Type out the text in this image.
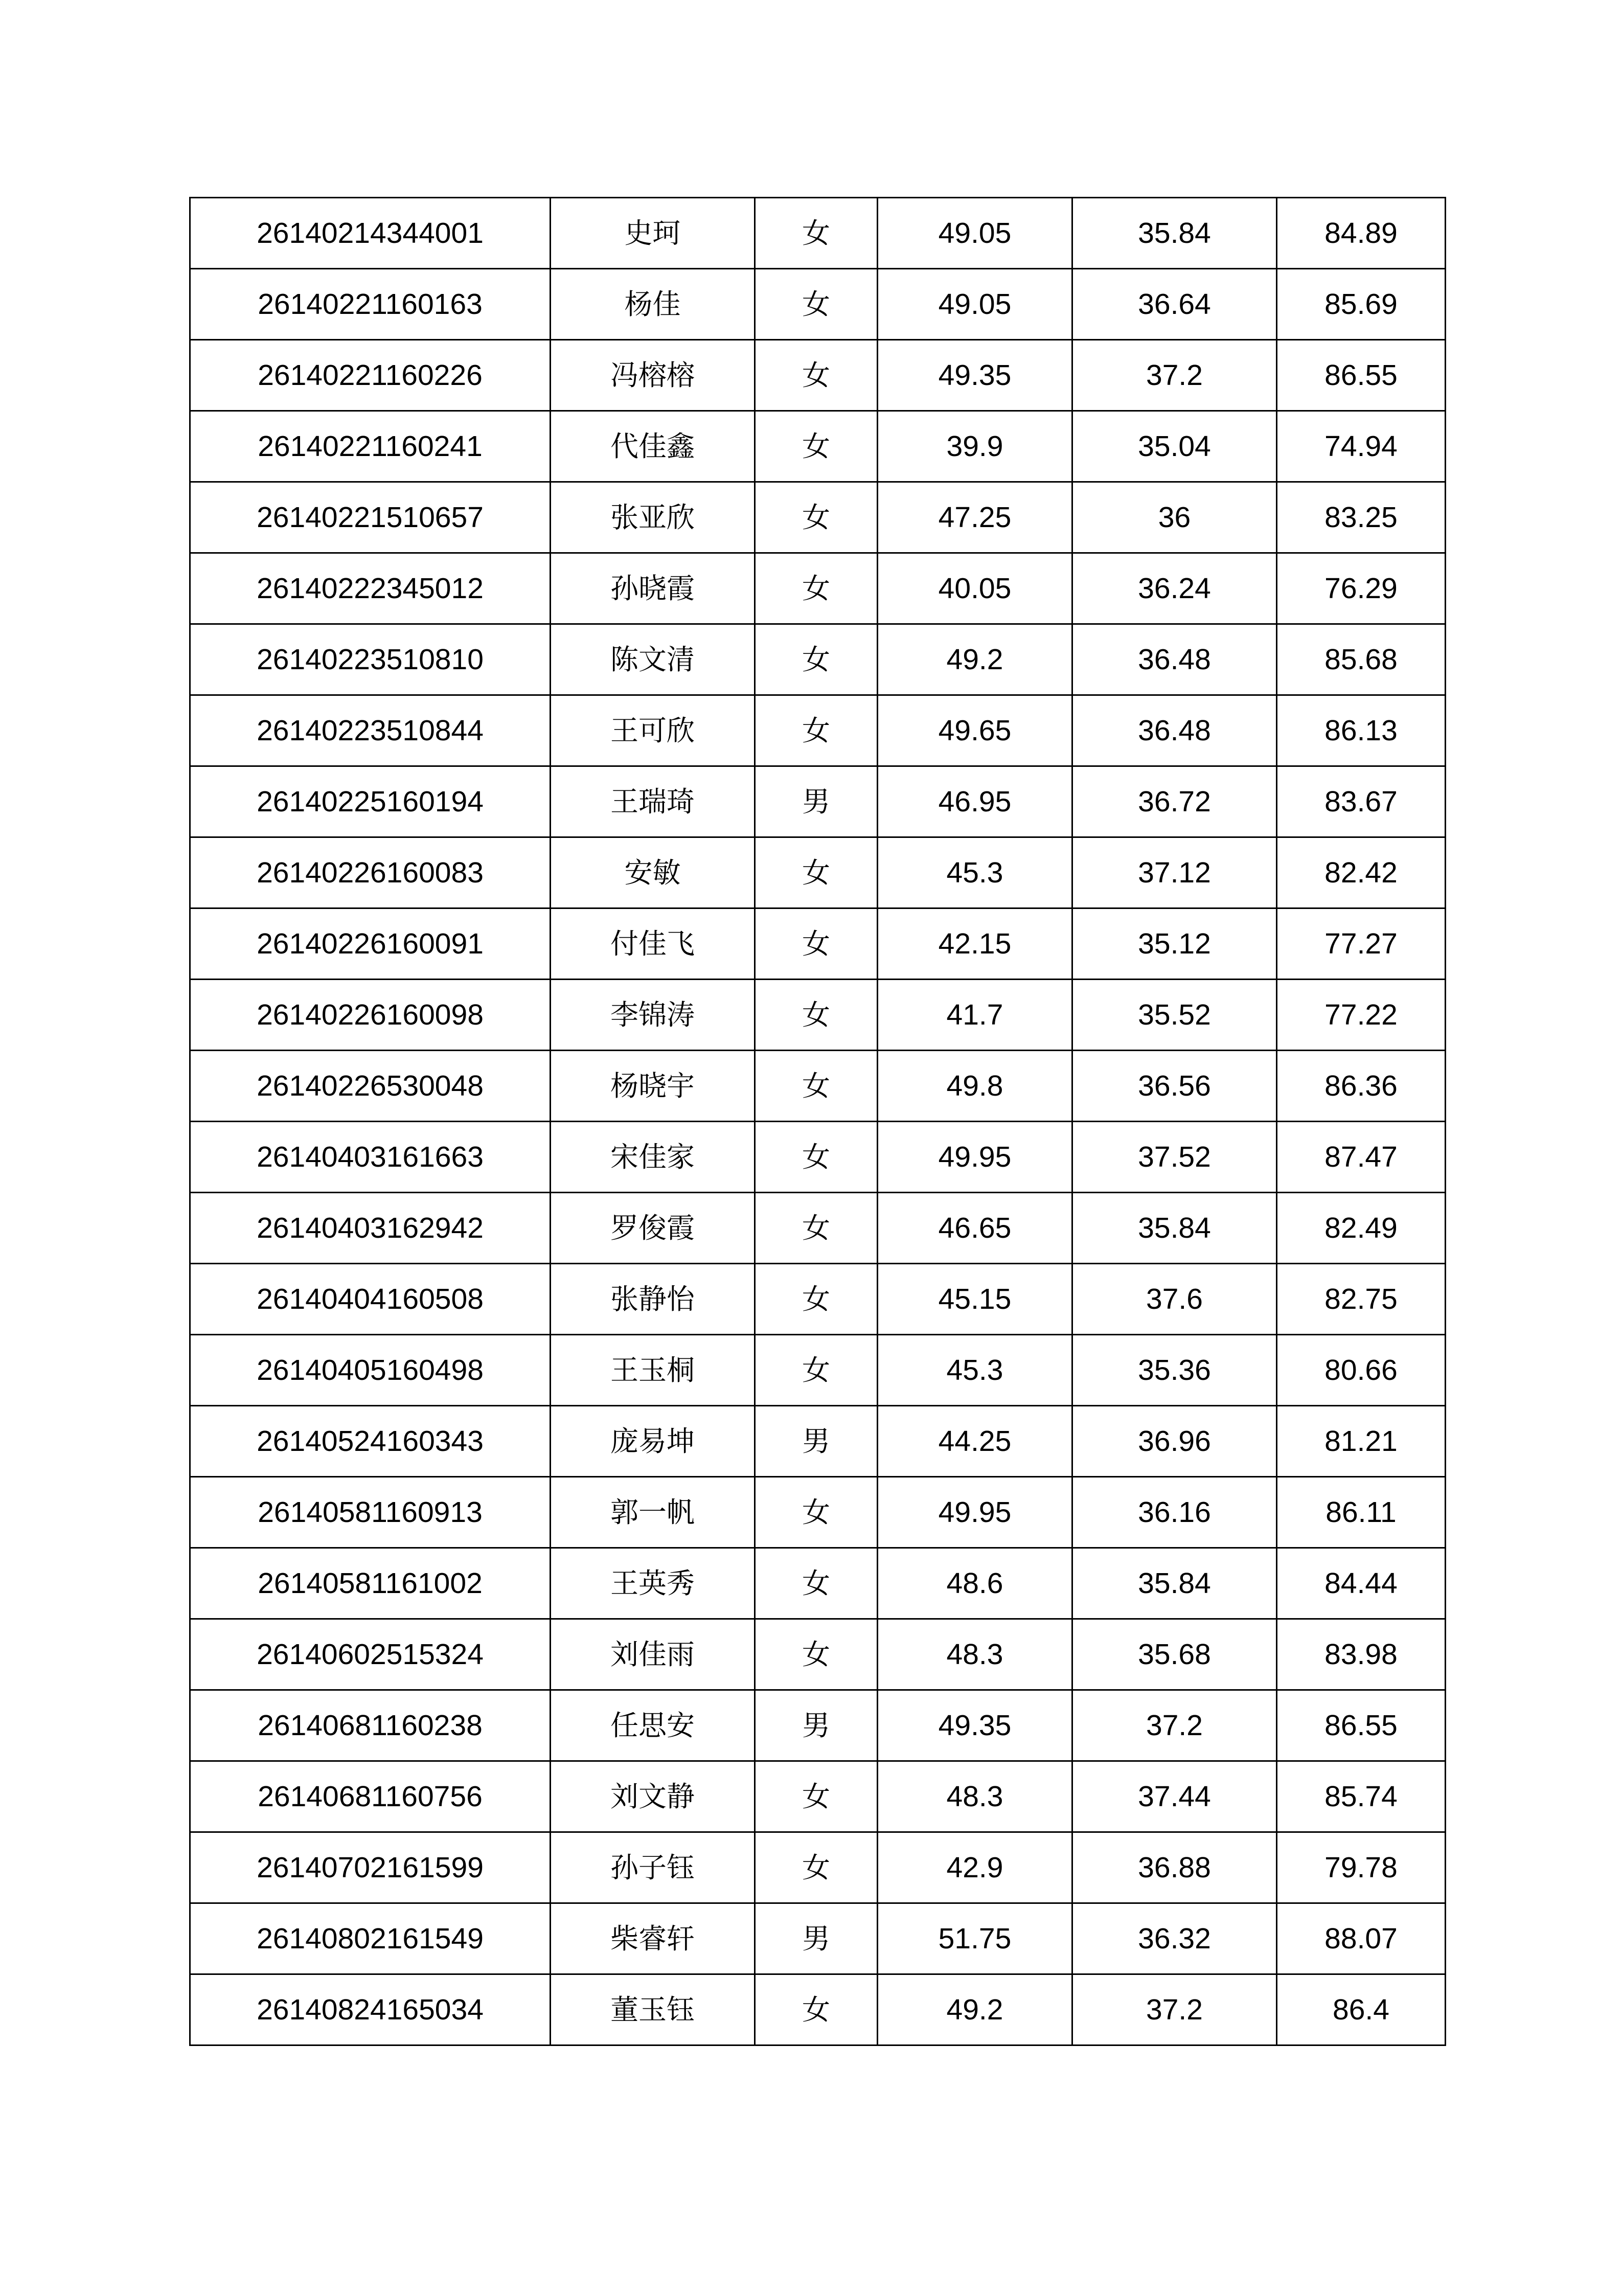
26140214344001	史珂	女	49.05	35.84	84.89
26140221160163	杨佳	女	49.05	36.64	85.69
26140221160226	冯榕榕	女	49.35	37.2	86.55
26140221160241	代佳鑫	女	39.9	35.04	74.94
26140221510657	张亚欣	女	47.25	36	83.25
26140222345012	孙晓霞	女	40.05	36.24	76.29
26140223510810	陈文清	女	49.2	36.48	85.68
26140223510844	王可欣	女	49.65	36.48	86.13
26140225160194	王瑞琦	男	46.95	36.72	83.67
26140226160083	安敏	女	45.3	37.12	82.42
26140226160091	付佳飞	女	42.15	35.12	77.27
26140226160098	李锦涛	女	41.7	35.52	77.22
26140226530048	杨晓宇	女	49.8	36.56	86.36
26140403161663	宋佳家	女	49.95	37.52	87.47
26140403162942	罗俊霞	女	46.65	35.84	82.49
26140404160508	张静怡	女	45.15	37.6	82.75
26140405160498	王玉桐	女	45.3	35.36	80.66
26140524160343	庞易坤	男	44.25	36.96	81.21
26140581160913	郭一帆	女	49.95	36.16	86.11
26140581161002	王英秀	女	48.6	35.84	84.44
26140602515324	刘佳雨	女	48.3	35.68	83.98
26140681160238	任思安	男	49.35	37.2	86.55
26140681160756	刘文静	女	48.3	37.44	85.74
26140702161599	孙子钰	女	42.9	36.88	79.78
26140802161549	柴睿轩	男	51.75	36.32	88.07
26140824165034	董玉钰	女	49.2	37.2	86.4
